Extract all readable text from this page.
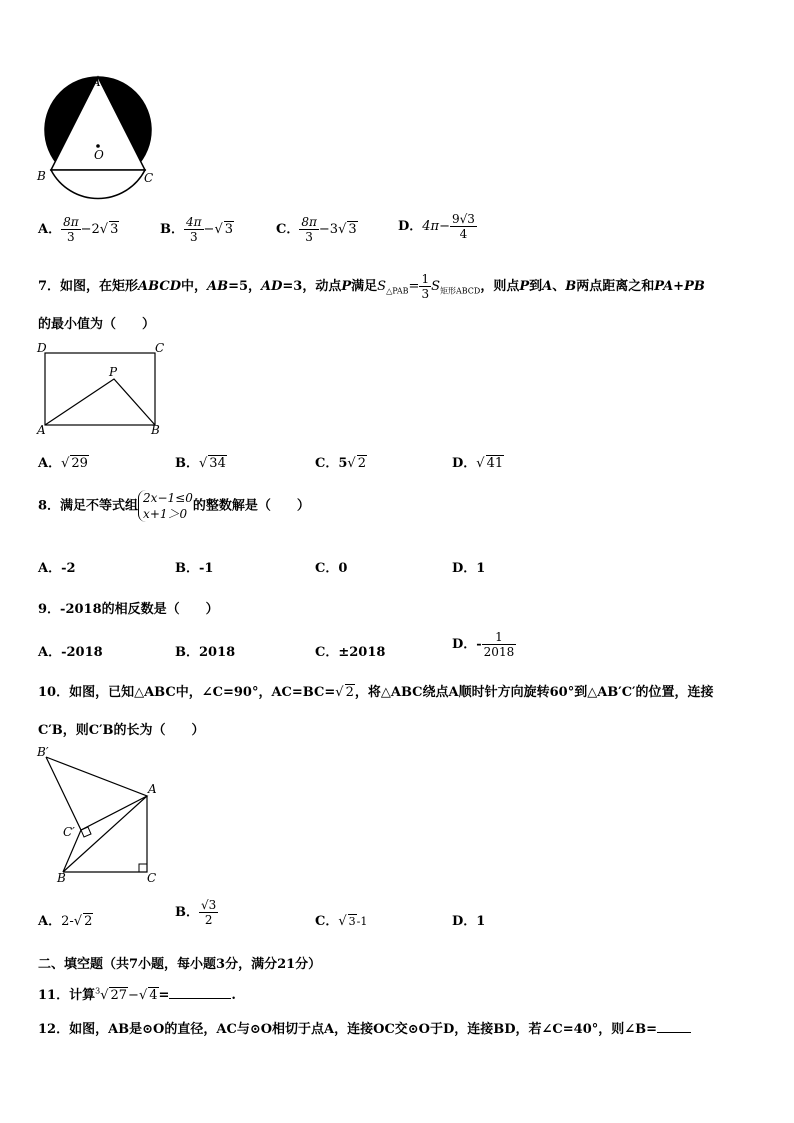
A
B	C
O
A． $\frac{8\pi}{3} -2√$ 3	B． $\frac{4\pi}{3}$ −√ 3	C． $\frac{8\pi}{3} -3√$ 3	D．$4\pi- \frac{9√3}{4}$
7．如图，在矩形ABCD中，AB=5，AD=3，动点P满足$S_{\triangle PAB}= \frac{1}{3} S_{矩形ABCD}$，则点P到A、B两点距离之和PA+PB
的最小值为（　　）
D	C
P
A	B
A．√ 29	B．√ 34	C．5√ 2	D．√ 41
8．满足不等式组
2x−1≤0
x+1＞0
的整数解是（　　）
A．-2	B．-1	C．0	D．1
9．-2018的相反数是（　　）
A．-2018	B．2018	C．±2018
D．- $\frac{1}{2018}$
10．如图，已知△ABC中，∠C=90°，AC=BC=√ 2，将△ABC绕点A顺时针方向旋转60°到△AB′C′的位置，连接
C′B，则C′B的长为（　　）
B′
A
C′
B	C
A．2-√ 2
B． $\frac{√3}{2}$	C．√ 3-1	D．1
二、填空题（共7小题，每小题3分，满分21分）
11．计算$^3$√ 27−√ 4=	.
12．如图，AB是⊙O的直径，AC与⊙O相切于点A，连接OC交⊙O于D，连接BD，若∠C=40°，则∠B=
